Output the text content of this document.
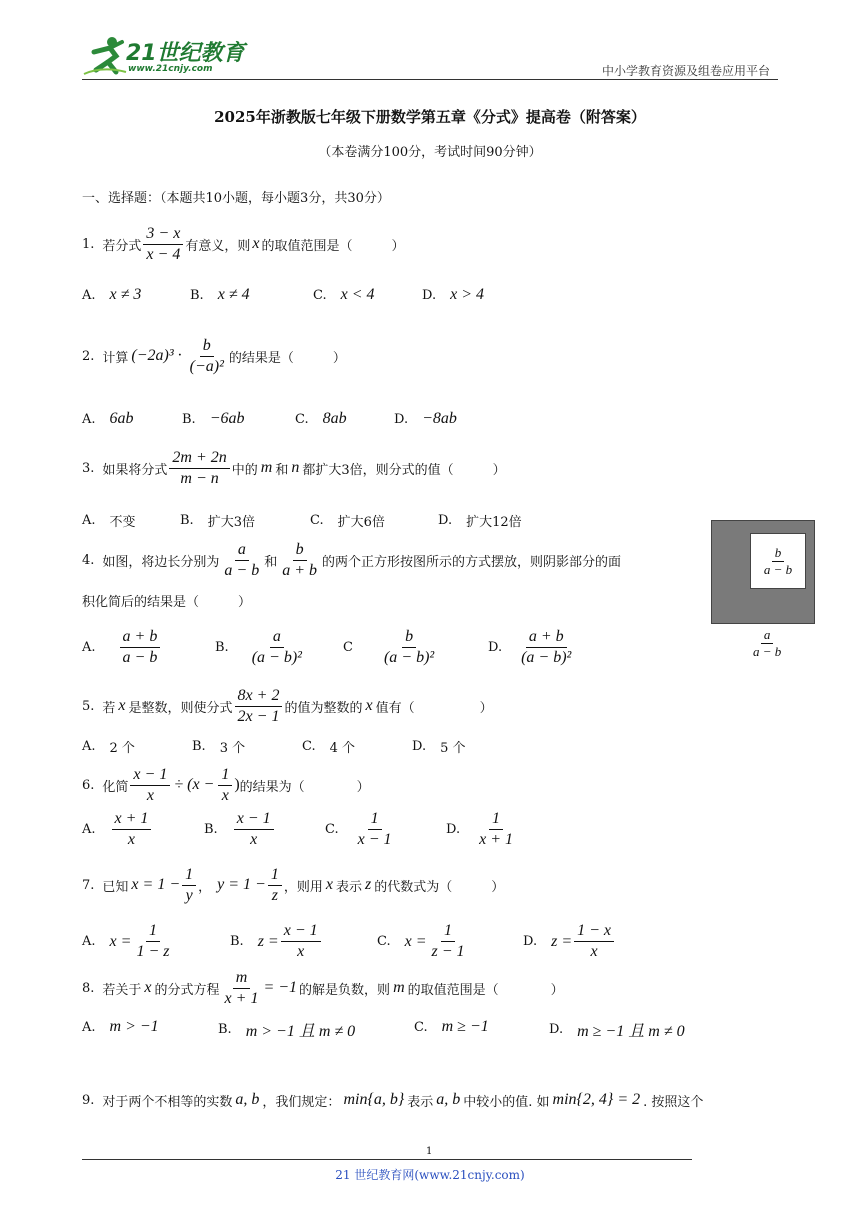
21世纪教育
www.21cnjy.com	中小学教育资源及组卷应用平台
2025年浙教版七年级下册数学第五章《分式》提高卷（附答案）
（本卷满分100分，考试时间90分钟）
一、选择题：（本题共10小题，每小题3分，共30分）
1. 若分式
3 − x
x − 4 有意义，则 x 的取值范围是（　　　）
A. x ≠ 3	B. x ≠ 4	C. x < 4	D. x > 4
2. 计算 (−2a)³ ·
b
(−a)² 的结果是（　　　）
A. 6ab	B. −6ab	C. 8ab	D. −8ab
3. 如果将分式
2m + 2n
m − n 中的 m 和 n 都扩大3倍，则分式的值（　　　）
A. 不变	B. 扩大3倍	C. 扩大6倍	D. 扩大12倍
4. 如图，将边长分别为
a
a − b 和
b
a + b 的两个正方形按图所示的方式摆放，则阴影部分的面
积化简后的结果是（　　　）
A.
a + b
a − b
B.
a
(a − b)²
C
b
(a − b)²
D.
a + b
(a − b)²
b
a − b
$\frac{a}{a - b}$
5. 若 x 是整数，则使分式
8x + 2
2x − 1 的值为整数的 x 值有（　　　　　）
A. 2 个	B. 3 个	C. 4 个	D. 5 个
6. 化简 $\frac{x - 1}{x} \div (x - \frac{1}{x}$ ) 的结果为（　　　　）
A.
x + 1
x
B.
x − 1
x
C.
1
x − 1
D.
1
x + 1
7. 已知 $x = 1 - \frac{1}{y}$ ， $y = 1 - \frac{1}{z}$ ，则用 x 表示 z 的代数式为（　　　）
A. $x = \frac{1}{1 - z}$	B. $z = \frac{x - 1}{x}$	C. $x = \frac{1}{z - 1}$	D. $z = \frac{1 - x}{x}$
8. 若关于 x 的分式方程 $\frac{m}{x + 1} = -1$ 的解是负数，则 m 的取值范围是（　　　　）
A. m > −1	B. m > −1 且 m ≠ 0	C. m ≥ −1	D. m ≥ −1 且 m ≠ 0
9. 对于两个不相等的实数 a, b ，我们规定： min{a, b} 表示 a, b 中较小的值. 如 min{2, 4} = 2 . 按照这个
1
21 世纪教育网(www.21cnjy.com)
